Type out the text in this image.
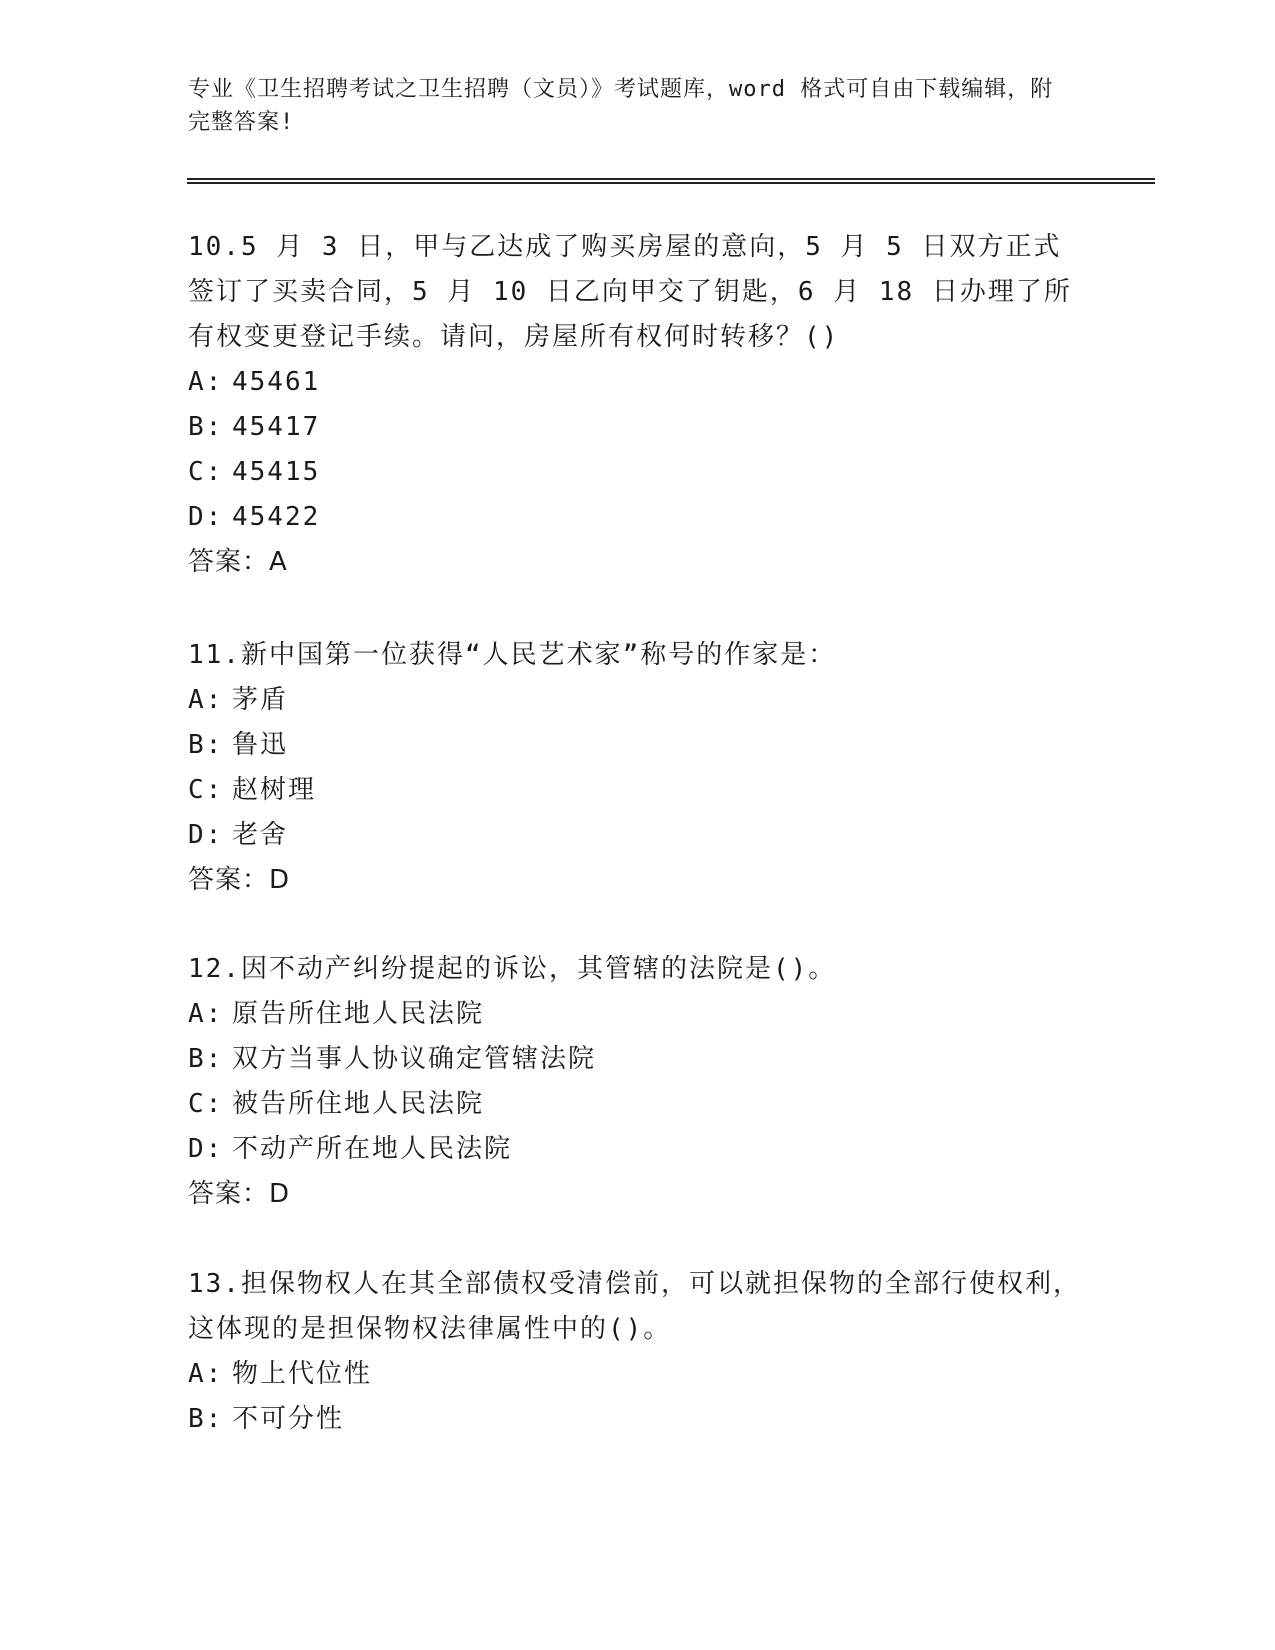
专业《卫生招聘考试之卫生招聘（文员）》考试题库，word 格式可自由下载编辑，附完整答案!

10.5 月 3 日，甲与乙达成了购买房屋的意向，5 月 5 日双方正式签订了买卖合同，5 月 10 日乙向甲交了钥匙，6 月 18 日办理了所有权变更登记手续。请问，房屋所有权何时转移？()

A: 45461

B: 45417

C: 45415

D: 45422

答案：A

11.新中国第一位获得“人民艺术家”称号的作家是：

A: 茅盾

B: 鲁迅

C: 赵树理

D: 老舍

答案：D

12.因不动产纠纷提起的诉讼，其管辖的法院是()。

A: 原告所住地人民法院

B: 双方当事人协议确定管辖法院

C: 被告所住地人民法院

D: 不动产所在地人民法院

答案：D

13.担保物权人在其全部债权受清偿前，可以就担保物的全部行使权利，这体现的是担保物权法律属性中的()。

A: 物上代位性

B: 不可分性
